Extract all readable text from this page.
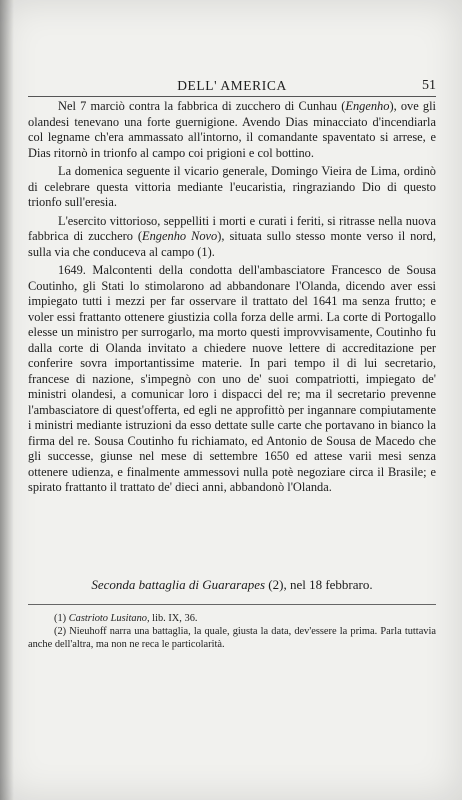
DELL' AMERICA	51

Nel 7 marciò contra la fabbrica di zucchero di Cunhau (Engenho), ove gli olandesi tenevano una forte guernigione. Avendo Dias minacciato d'incendiarla col legname ch'era ammassato all'intorno, il comandante spaventato si arrese, e Dias ritornò in trionfo al campo coi prigioni e col bottino.

La domenica seguente il vicario generale, Domingo Vieira de Lima, ordinò di celebrare questa vittoria mediante l'eucaristia, ringraziando Dio di questo trionfo sull'eresia.

L'esercito vittorioso, seppelliti i morti e curati i feriti, si ritrasse nella nuova fabbrica di zucchero (Engenho Novo), situata sullo stesso monte verso il nord, sulla via che conduceva al campo (1).

1649. Malcontenti della condotta dell'ambasciatore Francesco de Sousa Coutinho, gli Stati lo stimolarono ad abbandonare l'Olanda, dicendo aver essi impiegato tutti i mezzi per far osservare il trattato del 1641 ma senza frutto; e voler essi frattanto ottenere giustizia colla forza delle armi. La corte di Portogallo elesse un ministro per surrogarlo, ma morto questi improvvisamente, Coutinho fu dalla corte di Olanda invitato a chiedere nuove lettere di accreditazione per conferire sovra importantissime materie. In pari tempo il di lui secretario, francese di nazione, s'impegnò con uno de' suoi compatriotti, impiegato de' ministri olandesi, a comunicar loro i dispacci del re; ma il secretario prevenne l'ambasciatore di quest'offerta, ed egli ne approfittò per ingannare compiutamente i ministri mediante istruzioni da esso dettate sulle carte che portavano in bianco la firma del re. Sousa Coutinho fu richiamato, ed Antonio de Sousa de Macedo che gli successe, giunse nel mese di settembre 1650 ed attese varii mesi senza ottenere udienza, e finalmente ammessovi nulla potè negoziare circa il Brasile; e spirato frattanto il trattato de' dieci anni, abbandonò l'Olanda.

Seconda battaglia di Guararapes (2), nel 18 febbraro.

(1) Castrioto Lusitano, lib. IX, 36.

(2) Nieuhoff narra una battaglia, la quale, giusta la data, dev'essere la prima. Parla tuttavia anche dell'altra, ma non ne reca le particolarità.
